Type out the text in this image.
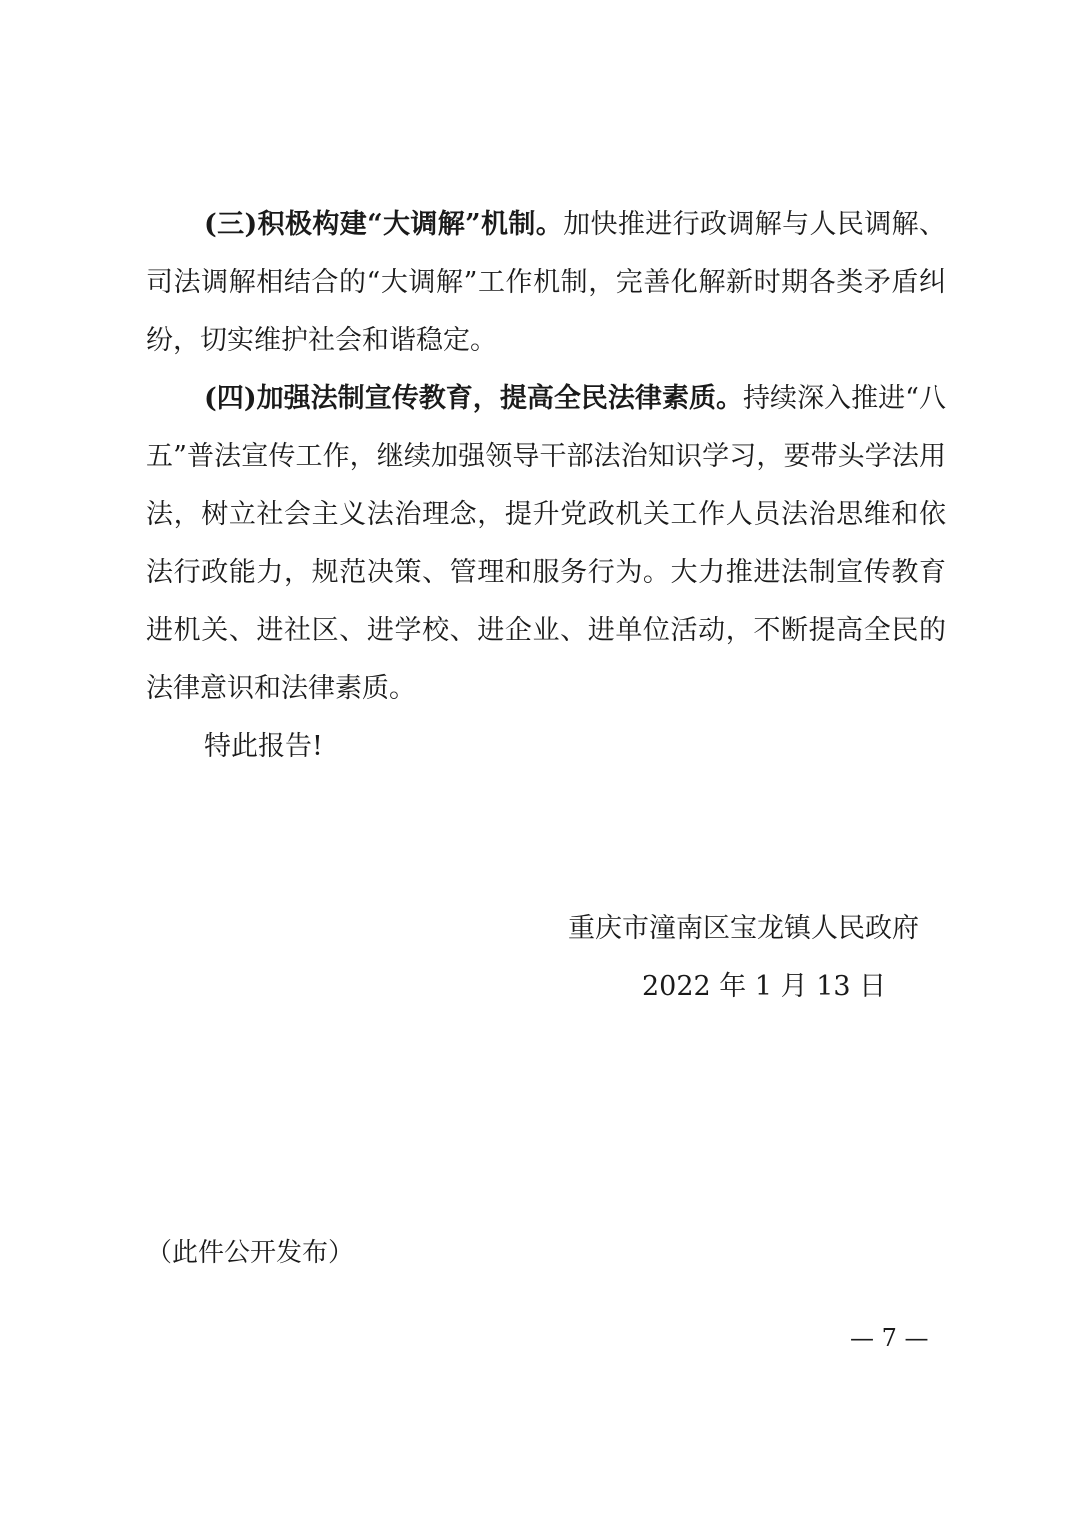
(三)积极构建“大调解”机制。加快推进行政调解与人民调解、司法调解相结合的“大调解”工作机制，完善化解新时期各类矛盾纠纷，切实维护社会和谐稳定。

(四)加强法制宣传教育，提高全民法律素质。持续深入推进“八五”普法宣传工作，继续加强领导干部法治知识学习，要带头学法用法，树立社会主义法治理念，提升党政机关工作人员法治思维和依法行政能力，规范决策、管理和服务行为。大力推进法制宣传教育进机关、进社区、进学校、进企业、进单位活动，不断提高全民的法律意识和法律素质。

特此报告!

重庆市潼南区宝龙镇人民政府
2022 年 1 月 13 日
（此件公开发布）
— 7 —
